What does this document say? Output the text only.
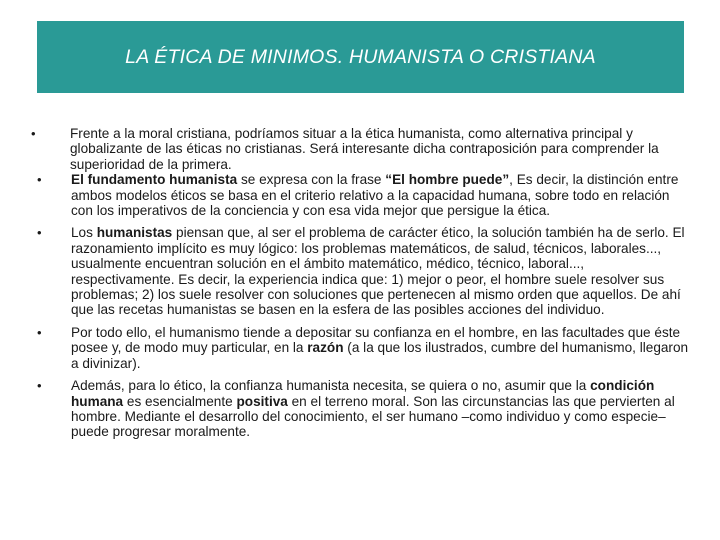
LA ÉTICA DE MINIMOS. HUMANISTA O CRISTIANA
•	Frente a la moral cristiana, podríamos situar a la ética humanista, como alternativa principal y globalizante de las éticas no cristianas. Será interesante dicha contraposición para comprender la superioridad de la primera.
• El fundamento humanista se expresa con la frase “El hombre puede”, Es decir, la distinción entre ambos modelos éticos se basa en el criterio relativo a la capacidad humana, sobre todo en relación con los imperativos de la conciencia y con esa vida mejor que persigue la ética.
• Los humanistas piensan que, al ser el problema de carácter ético, la solución también ha de serlo. El razonamiento implícito es muy lógico: los problemas matemáticos, de salud, técnicos, laborales..., usualmente encuentran solución en el ámbito matemático, médico, técnico, laboral..., respectivamente. Es decir, la experiencia indica que: 1) mejor o peor, el hombre suele resolver sus problemas; 2) los suele resolver con soluciones que pertenecen al mismo orden que aquellos. De ahí que las recetas humanistas se basen en la esfera de las posibles acciones del individuo.
• Por todo ello, el humanismo tiende a depositar su confianza en el hombre, en las facultades que éste posee y, de modo muy particular, en la razón (a la que los ilustrados, cumbre del humanismo, llegaron a divinizar).
• Además, para lo ético, la confianza humanista necesita, se quiera o no, asumir que la condición humana es esencialmente positiva en el terreno moral. Son las circunstancias las que pervierten al hombre. Mediante el desarrollo del conocimiento, el ser humano –como individuo y como especie– puede progresar moralmente.
